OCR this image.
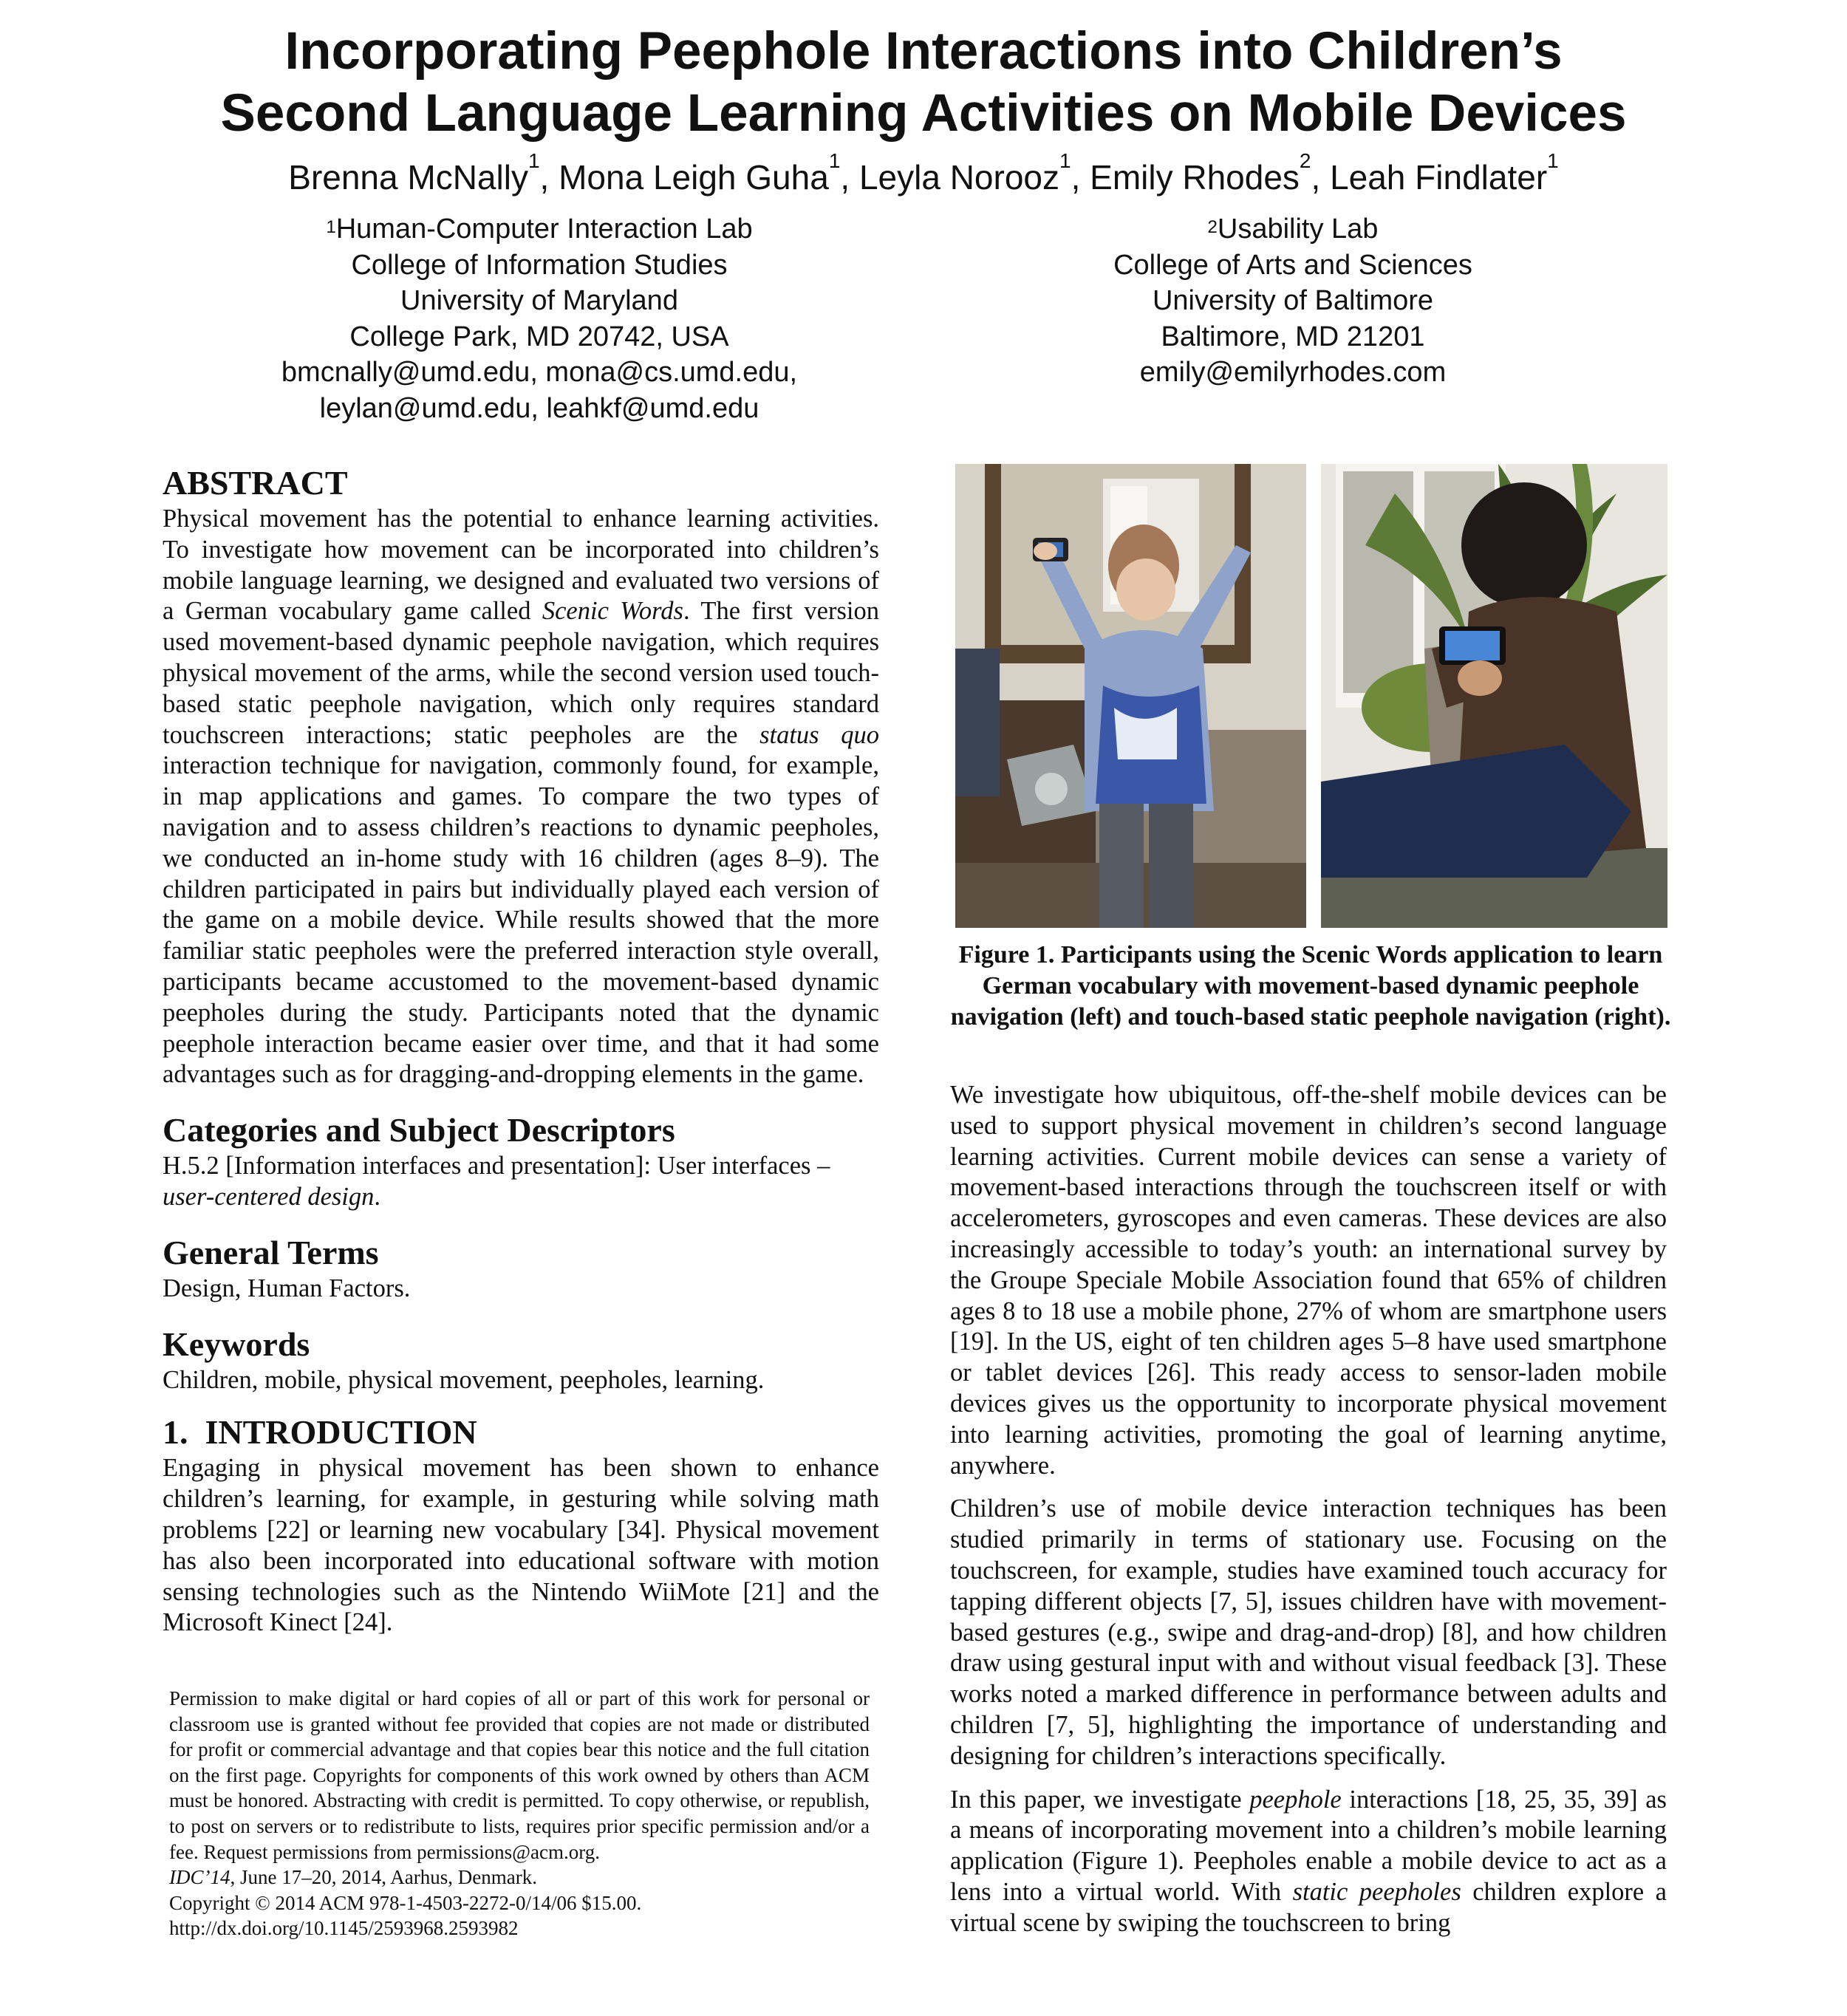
Incorporating Peephole Interactions into Children’s
Second Language Learning Activities on Mobile Devices
Brenna McNally$^1$, Mona Leigh Guha$^1$, Leyla Norooz$^1$, Emily Rhodes$^2$, Leah Findlater$^1$
$^1$Human-Computer Interaction Lab
College of Information Studies
University of Maryland
College Park, MD 20742, USA
bmcnally@umd.edu, mona@cs.umd.edu,
leylan@umd.edu, leahkf@umd.edu
$^2$Usability Lab
College of Arts and Sciences
University of Baltimore
Baltimore, MD 21201
emily@emilyrhodes.com
ABSTRACT

Physical movement has the potential to enhance learning activities. To investigate how movement can be incorporated into children’s mobile language learning, we designed and evaluated two versions of a German vocabulary game called Scenic Words. The first version used movement-based dynamic peephole navigation, which requires physical movement of the arms, while the second version used touch-based static peephole navigation, which only requires standard touchscreen interactions; static peepholes are the status quo interaction technique for navigation, commonly found, for example, in map applications and games. To compare the two types of navigation and to assess children’s reactions to dynamic peepholes, we conducted an in-home study with 16 children (ages 8–9). The children participated in pairs but individually played each version of the game on a mobile device. While results showed that the more familiar static peepholes were the preferred interaction style overall, participants became accustomed to the movement-based dynamic peepholes during the study. Participants noted that the dynamic peephole interaction became easier over time, and that it had some advantages such as for dragging-and-dropping elements in the game.

Categories and Subject Descriptors

H.5.2 [Information interfaces and presentation]: User interfaces – user-centered design.

General Terms

Design, Human Factors.

Keywords

Children, mobile, physical movement, peepholes, learning.

1.  INTRODUCTION

Engaging in physical movement has been shown to enhance children’s learning, for example, in gesturing while solving math problems [22] or learning new vocabulary [34]. Physical movement has also been incorporated into educational software with motion sensing technologies such as the Nintendo WiiMote [21] and the Microsoft Kinect [24].

Permission to make digital or hard copies of all or part of this work for personal or classroom use is granted without fee provided that copies are not made or distributed for profit or commercial advantage and that copies bear this notice and the full citation on the first page. Copyrights for components of this work owned by others than ACM must be honored. Abstracting with credit is permitted. To copy otherwise, or republish, to post on servers or to redistribute to lists, requires prior specific permission and/or a fee. Request permissions from permissions@acm.org.
IDC’14, June 17–20, 2014, Aarhus, Denmark.
Copyright © 2014 ACM 978-1-4503-2272-0/14/06 $15.00.
http://dx.doi.org/10.1145/2593968.2593982
Figure 1. Participants using the Scenic Words application to learn German vocabulary with movement-based dynamic peephole navigation (left) and touch-based static peephole navigation (right).

We investigate how ubiquitous, off-the-shelf mobile devices can be used to support physical movement in children’s second language learning activities. Current mobile devices can sense a variety of movement-based interactions through the touchscreen itself or with accelerometers, gyroscopes and even cameras. These devices are also increasingly accessible to today’s youth: an international survey by the Groupe Speciale Mobile Association found that 65% of children ages 8 to 18 use a mobile phone, 27% of whom are smartphone users [19]. In the US, eight of ten children ages 5–8 have used smartphone or tablet devices [26]. This ready access to sensor-laden mobile devices gives us the opportunity to incorporate physical movement into learning activities, promoting the goal of learning anytime, anywhere.

Children’s use of mobile device interaction techniques has been studied primarily in terms of stationary use. Focusing on the touchscreen, for example, studies have examined touch accuracy for tapping different objects [7, 5], issues children have with movement-based gestures (e.g., swipe and drag-and-drop) [8], and how children draw using gestural input with and without visual feedback [3]. These works noted a marked difference in performance between adults and children [7, 5], highlighting the importance of understanding and designing for children’s interactions specifically.

In this paper, we investigate peephole interactions [18, 25, 35, 39] as a means of incorporating movement into a children’s mobile learning application (Figure 1). Peepholes enable a mobile device to act as a lens into a virtual world. With static peepholes children explore a virtual scene by swiping the touchscreen to bring
